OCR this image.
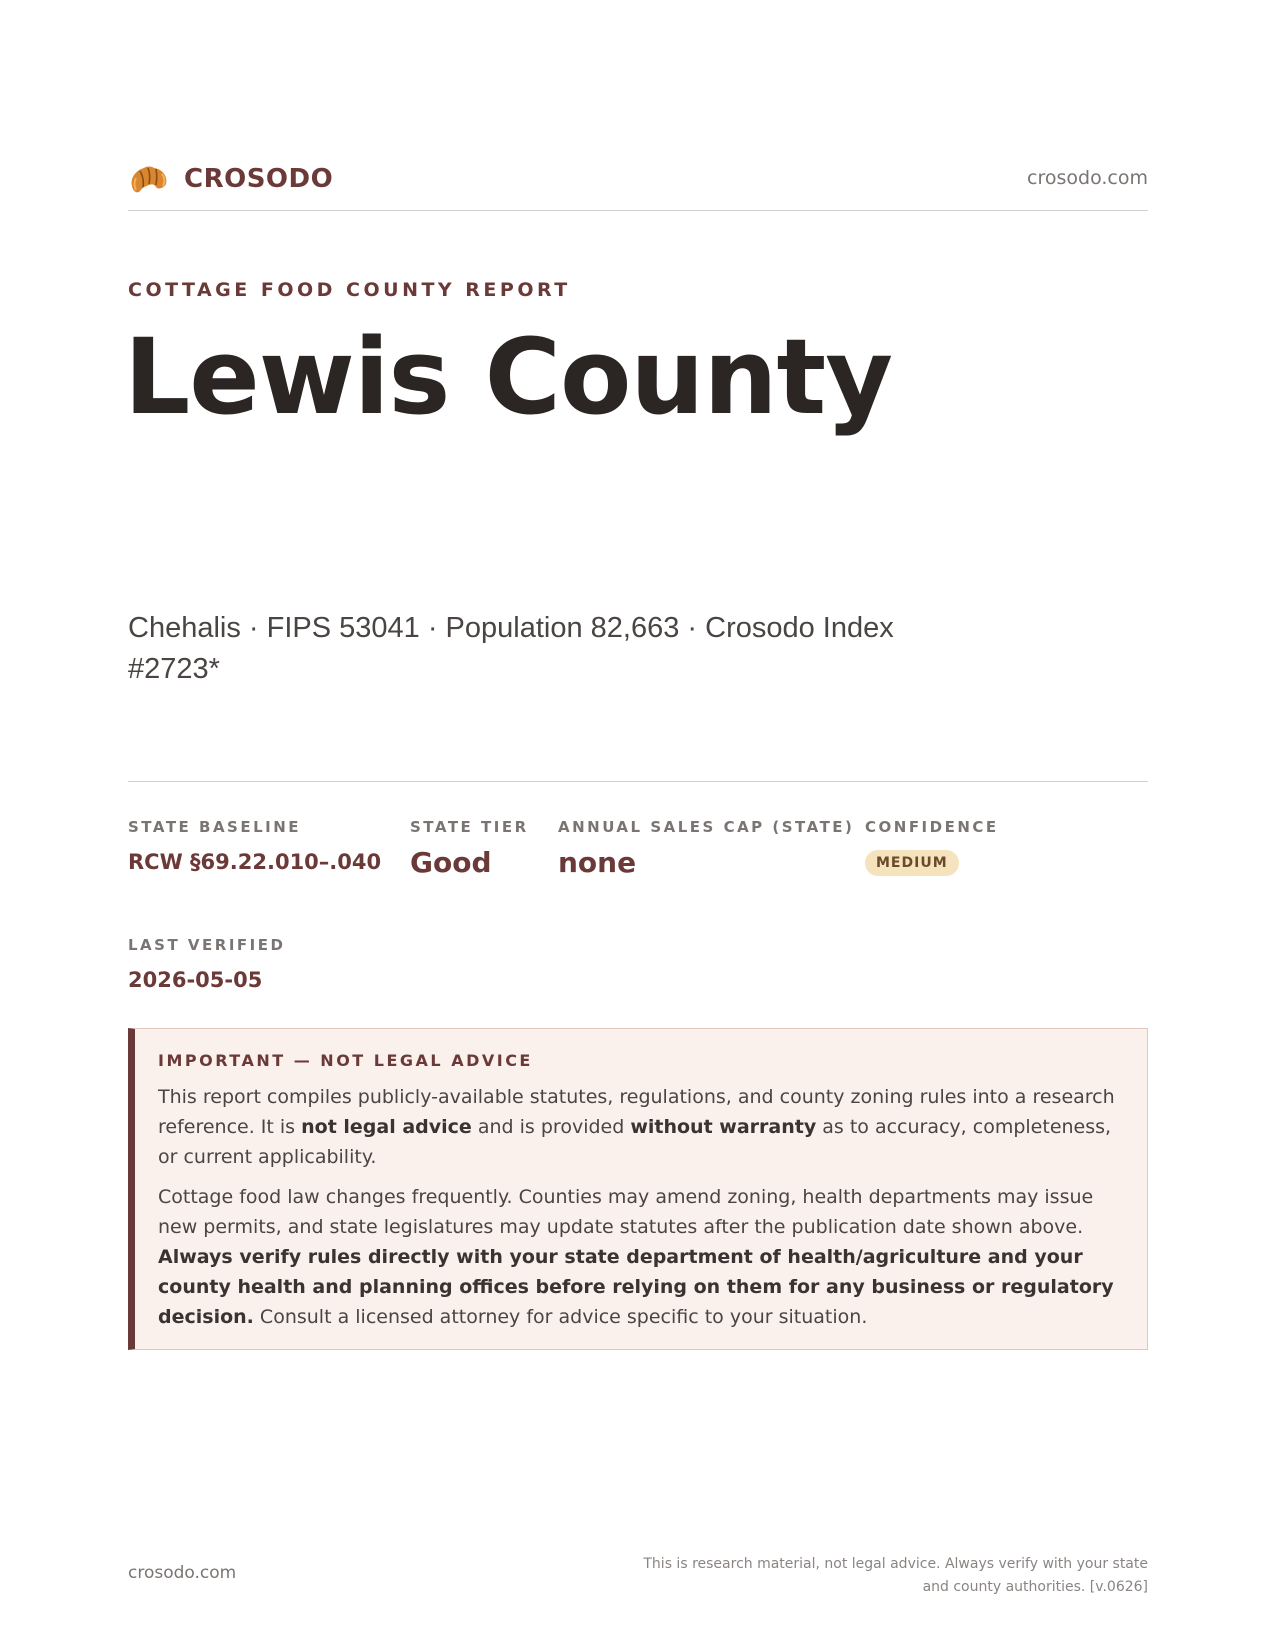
CROSODO	crosodo.com
COTTAGE FOOD COUNTY REPORT
Lewis County
Chehalis · FIPS 53041 · Population 82,663 · Crosodo Index #2723*
STATE BASELINE
RCW §69.22.010–.040
STATE TIER
Good
ANNUAL SALES CAP (STATE)
none
CONFIDENCE
MEDIUM
LAST VERIFIED
2026-05-05
IMPORTANT — NOT LEGAL ADVICE

This report compiles publicly-available statutes, regulations, and county zoning rules into a research reference. It is not legal advice and is provided without warranty as to accuracy, completeness, or current applicability.

Cottage food law changes frequently. Counties may amend zoning, health departments may issue new permits, and state legislatures may update statutes after the publication date shown above. Always verify rules directly with your state department of health/agriculture and your county health and planning offices before relying on them for any business or regulatory decision. Consult a licensed attorney for advice specific to your situation.

crosodo.com	This is research material, not legal advice. Always verify with your state
and county authorities. [v.0626]
